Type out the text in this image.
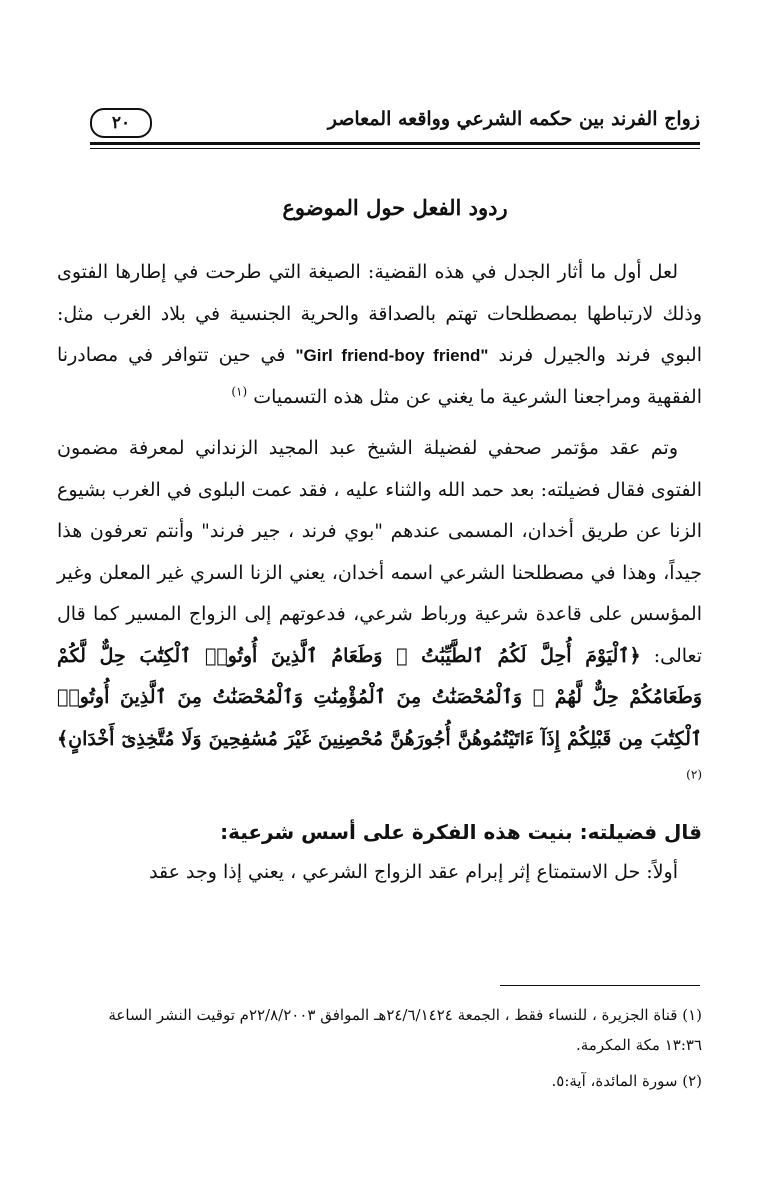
زواج الفرند بين حكمه الشرعي وواقعه المعاصر
٢٠
ردود الفعل حول الموضوع

لعل أول ما أثار الجدل في هذه القضية: الصيغة التي طرحت في إطارها الفتوى وذلك لارتباطها بمصطلحات تهتم بالصداقة والحرية الجنسية في بلاد الغرب مثل: البوي فرند والجيرل فرند "Girl friend-boy friend" في حين تتوافر في مصادرنا الفقهية ومراجعنا الشرعية ما يغني عن مثل هذه التسميات $^{(١)}$

وتم عقد مؤتمر صحفي لفضيلة الشيخ عبد المجيد الزنداني لمعرفة مضمون الفتوى فقال فضيلته: بعد حمد الله والثناء عليه ، فقد عمت البلوى في الغرب بشيوع الزنا عن طريق أخدان، المسمى عندهم "بوي فرند ، جير فرند" وأنتم تعرفون هذا جيداً، وهذا في مصطلحنا الشرعي اسمه أخدان، يعني الزنا السري غير المعلن وغير المؤسس على قاعدة شرعية ورباط شرعي، فدعوتهم إلى الزواج المسير كما قال تعالى: ﴿ٱلْيَوْمَ أُحِلَّ لَكُمُ ٱلطَّيِّبَٰتُ ۖ وَطَعَامُ ٱلَّذِينَ أُوتُوا۟ ٱلْكِتَٰبَ حِلٌّ لَّكُمْ وَطَعَامُكُمْ حِلٌّ لَّهُمْ ۖ وَٱلْمُحْصَنَٰتُ مِنَ ٱلْمُؤْمِنَٰتِ وَٱلْمُحْصَنَٰتُ مِنَ ٱلَّذِينَ أُوتُوا۟ ٱلْكِتَٰبَ مِن قَبْلِكُمْ إِذَآ ءَاتَيْتُمُوهُنَّ أُجُورَهُنَّ مُحْصِنِينَ غَيْرَ مُسَٰفِحِينَ وَلَا مُتَّخِذِىٓ أَخْدَانٍ﴾ $^{(٢)}$

قال فضيلته: بنيت هذه الفكرة على أسس شرعية:

أولاً: حل الاستمتاع إثر إبرام عقد الزواج الشرعي ، يعني إذا وجد عقد

(١) قناة الجزيرة ، للنساء فقط ، الجمعة ٢٤/٦/١٤٢٤هـ الموافق ٢٢/٨/٢٠٠٣م توقيت النشر الساعة
١٣:٣٦ مكة المكرمة.

(٢) سورة المائدة، آية:٥.
